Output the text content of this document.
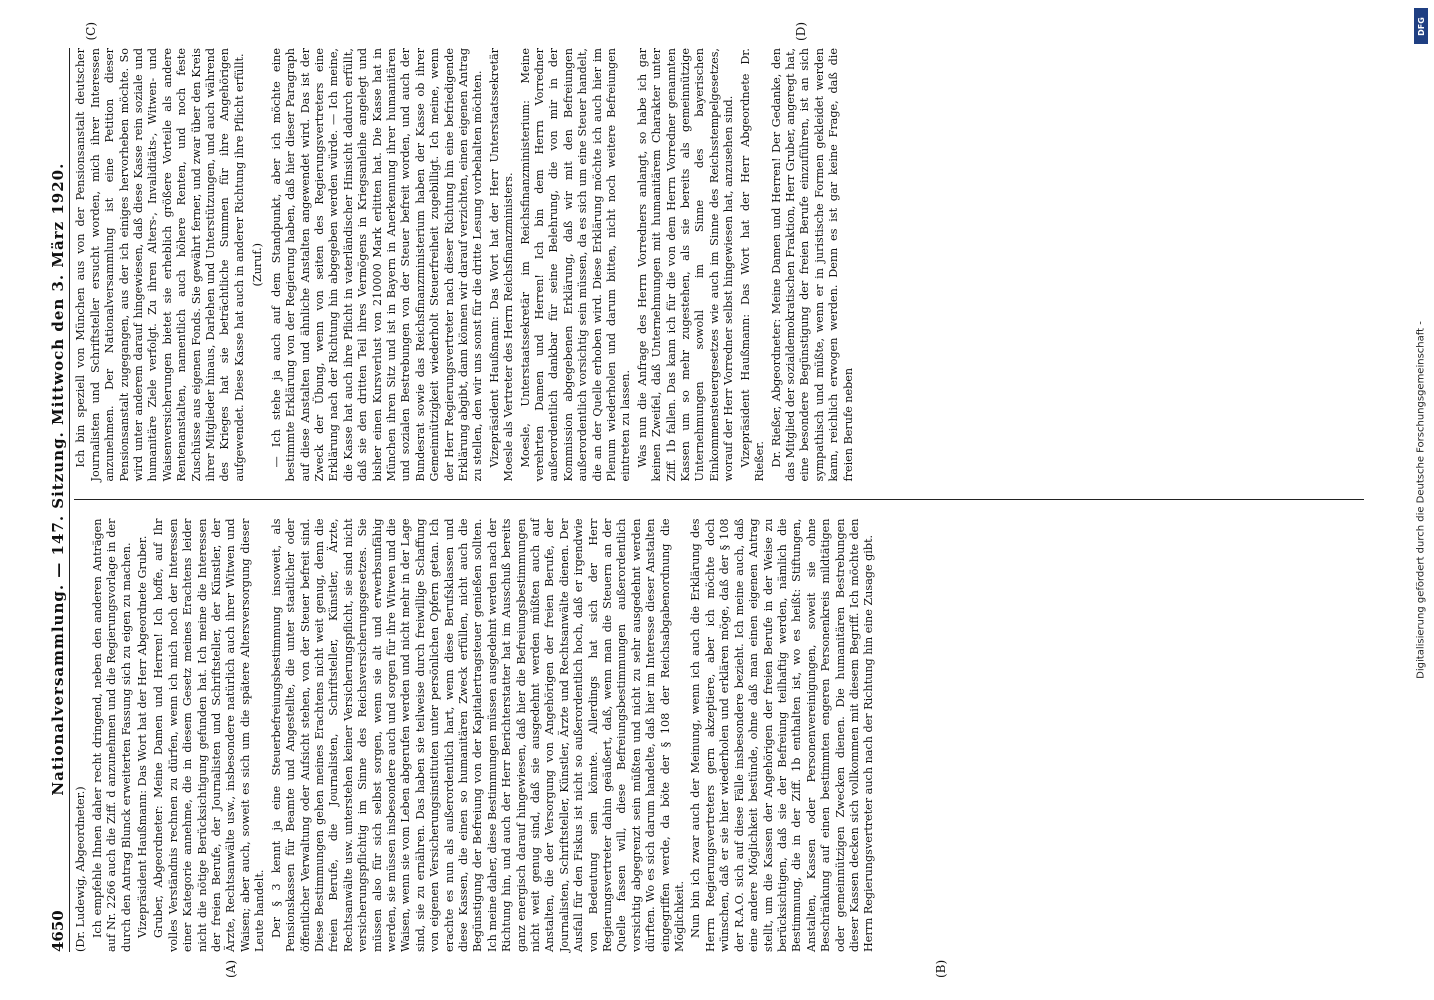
4650
Nationalversammlung. — 147. Sitzung. Mittwoch den 3. März 1920.
(A)	(B)

(Dr. Ludewig, Abgeordneter.) Ich empfehle Ihnen daher recht dringend, neben den anderen Anträgen auf Nr. 2266 auch die Ziff. d anzunehmen und die Regierungsvorlage in der durch den Antrag Blunck erweiterten Fassung sich zu eigen zu machen. Vizepräsident Haußmann: Das Wort hat der Herr Abgeordnete Gruber. Gruber, Abgeordneter: Meine Damen und Herren! Ich hoffe, auf Ihr volles Verständnis rechnen zu dürfen, wenn ich mich noch der Interessen einer Kategorie annehme, die in diesem Gesetz meines Erachtens leider nicht die nötige Berücksichtigung gefunden hat. Ich meine die Interessen der freien Berufe, der Journalisten und Schriftsteller, der Künstler, der Ärzte, Rechtsanwälte usw., insbesondere natürlich auch ihrer Witwen und Waisen; aber auch, soweit es sich um die spätere Altersversorgung dieser Leute handelt. Der § 3 kennt ja eine Steuerbefreiungsbestimmung insoweit, als Pensionskassen für Beamte und Angestellte, die unter staatlicher oder öffentlicher Verwaltung oder Aufsicht stehen, von der Steuer befreit sind. Diese Bestimmungen gehen meines Erachtens nicht weit genug, denn die freien Berufe, die Journalisten, Schriftsteller, Künstler, Ärzte, Rechtsanwälte usw. unterstehen keiner Versicherungspflicht, sie sind nicht versicherungspflichtig im Sinne des Reichsversicherungsgesetzes. Sie müssen also für sich selbst sorgen, wenn sie alt und erwerbsunfähig werden, sie müssen insbesondere auch und sorgen für ihre Witwen und die Waisen, wenn sie vom Leben abgerufen werden und nicht mehr in der Lage sind, sie zu ernähren. Das haben sie teilweise durch freiwillige Schaffung von eigenen Versicherungsinstituten unter persönlichen Opfern getan. Ich erachte es nun als außerordentlich hart, wenn diese Berufsklassen und diese Kassen, die einen so humanitären Zweck erfüllen, nicht auch die Begünstigung der Befreiung von der Kapitalertragsteuer genießen sollten. Ich meine daher, diese Bestimmungen müssen ausgedehnt werden nach der Richtung hin, und auch der Herr Berichterstatter hat im Ausschuß bereits ganz energisch darauf hingewiesen, daß hier die Befreiungsbestimmungen nicht weit genug sind, daß sie ausgedehnt werden müßten auch auf Anstalten, die der Versorgung von Angehörigen der freien Berufe, der Journalisten, Schriftsteller, Künstler, Ärzte und Rechtsanwälte dienen. Der Ausfall für den Fiskus ist nicht so außerordentlich hoch, daß er irgendwie von Bedeutung sein könnte. Allerdings hat sich der Herr Regierungsvertreter dahin geäußert, daß, wenn man die Steuern an der Quelle fassen will, diese Befreiungsbestimmungen außerordentlich vorsichtig abgegrenzt sein müßten und nicht zu sehr ausgedehnt werden dürften. Wo es sich darum handelte, daß hier im Interesse dieser Anstalten eingegriffen werde, da böte der § 108 der Reichsabgabenordnung die Möglichkeit. Nun bin ich zwar auch der Meinung, wenn ich auch die Erklärung des Herrn Regierungsvertreters gern akzeptiere, aber ich möchte doch wünschen, daß er sie hier wiederholen und erklären möge, daß der § 108 der R.A.O. sich auf diese Fälle insbesondere bezieht. Ich meine auch, daß eine andere Möglichkeit bestünde, ohne daß man einen eigenen Antrag stellt, um die Kassen der Angehörigen der freien Berufe in der Weise zu berücksichtigen, daß sie der Befreiung teilhaftig werden, nämlich die Bestimmung, die in der Ziff. 1b enthalten ist, wo es heißt: Stiftungen, Anstalten, Kassen oder Personenvereinigungen, soweit sie ohne Beschränkung auf einen bestimmten engeren Personenkreis mildtätigen oder gemeinnützigen Zwecken dienen. Die humanitären Bestrebungen dieser Kassen decken sich vollkommen mit diesem Begriff. Ich möchte den Herrn Regierungsvertreter auch nach der Richtung hin eine Zusage gibt.

(C)	(D)

Ich bin speziell von München aus von der Pensionsanstalt deutscher Journalisten und Schriftsteller ersucht worden, mich ihrer Interessen anzunehmen. Der Nationalversammlung ist eine Petition dieser Pensionsanstalt zugegangen, aus der ich einiges hervorheben möchte. So wird unter anderem darauf hingewiesen, daß diese Kasse rein soziale und humanitäre Ziele verfolgt. Zu ihren Alters-, Invaliditäts-, Witwen- und Waisenversicherungen bietet sie erheblich größere Vorteile als andere Rentenanstalten, namentlich auch höhere Renten, und noch feste Zuschüsse aus eigenen Fonds. Sie gewährt ferner, und zwar über den Kreis ihrer Mitglieder hinaus, Darlehen und Unterstützungen, und auch während des Krieges hat sie beträchtliche Summen für ihre Angehörigen aufgewendet. Diese Kasse hat auch in anderer Richtung ihre Pflicht erfüllt. (Zuruf.) — Ich stehe ja auch auf dem Standpunkt, aber ich möchte eine bestimmte Erklärung von der Regierung haben, daß hier dieser Paragraph auf diese Anstalten und ähnliche Anstalten angewendet wird. Das ist der Zweck der Übung, wenn von seiten des Regierungsvertreters eine Erklärung nach der Richtung hin abgegeben werden würde. — Ich meine, die Kasse hat auch ihre Pflicht in vaterländischer Hinsicht dadurch erfüllt, daß sie den dritten Teil ihres Vermögens in Kriegsanleihe angelegt und bisher einen Kursverlust von 210000 Mark erlitten hat. Die Kasse hat in München ihren Sitz und ist in Bayern in Anerkennung ihrer humanitären und sozialen Bestrebungen von der Steuer befreit worden, und auch der Bundesrat sowie das Reichsfinanzministerium haben der Kasse ob ihrer Gemeinnützigkeit wiederholt Steuerfreiheit zugebilligt. Ich meine, wenn der Herr Regierungsvertreter nach dieser Richtung hin eine befriedigende Erklärung abgibt, dann können wir darauf verzichten, einen eigenen Antrag zu stellen, den wir uns sonst für die dritte Lesung vorbehalten möchten. Vizepräsident Haußmann: Das Wort hat der Herr Unterstaatssekretär Moesle als Vertreter des Herrn Reichsfinanzministers. Moesle, Unterstaatssekretär im Reichsfinanzministerium: Meine verehrten Damen und Herren! Ich bin dem Herrn Vorredner außerordentlich dankbar für seine Belehrung, die von mir in der Kommission abgegebenen Erklärung, daß wir mit den Befreiungen außerordentlich vorsichtig sein müssen, da es sich um eine Steuer handelt, die an der Quelle erhoben wird. Diese Erklärung möchte ich auch hier im Plenum wiederholen und darum bitten, nicht noch weitere Befreiungen eintreten zu lassen. Was nun die Anfrage des Herrn Vorredners anlangt, so habe ich gar keinen Zweifel, daß Unternehmungen mit humanitärem Charakter unter Ziff. 1b fallen. Das kann ich für die von dem Herrn Vorredner genannten Kassen um so mehr zugestehen, als sie bereits als gemeinnützige Unternehmungen sowohl im Sinne des bayerischen Einkommensteuergesetzes wie auch im Sinne des Reichsstempelgesetzes, worauf der Herr Vorredner selbst hingewiesen hat, anzusehen sind. Vizepräsident Haußmann: Das Wort hat der Herr Abgeordnete Dr. Rießer. Dr. Rießer, Abgeordneter: Meine Damen und Herren! Der Gedanke, den das Mitglied der sozialdemokratischen Fraktion, Herr Gruber, angeregt hat, eine besondere Begünstigung der freien Berufe einzuführen, ist an sich sympathisch und müßte, wenn er in juristische Formen gekleidet werden kann, reichlich erwogen werden. Denn es ist gar keine Frage, daß die freien Berufe neben	Digitalisierung gefördert durch die Deutsche Forschungsgemeinschaft -
DFG
